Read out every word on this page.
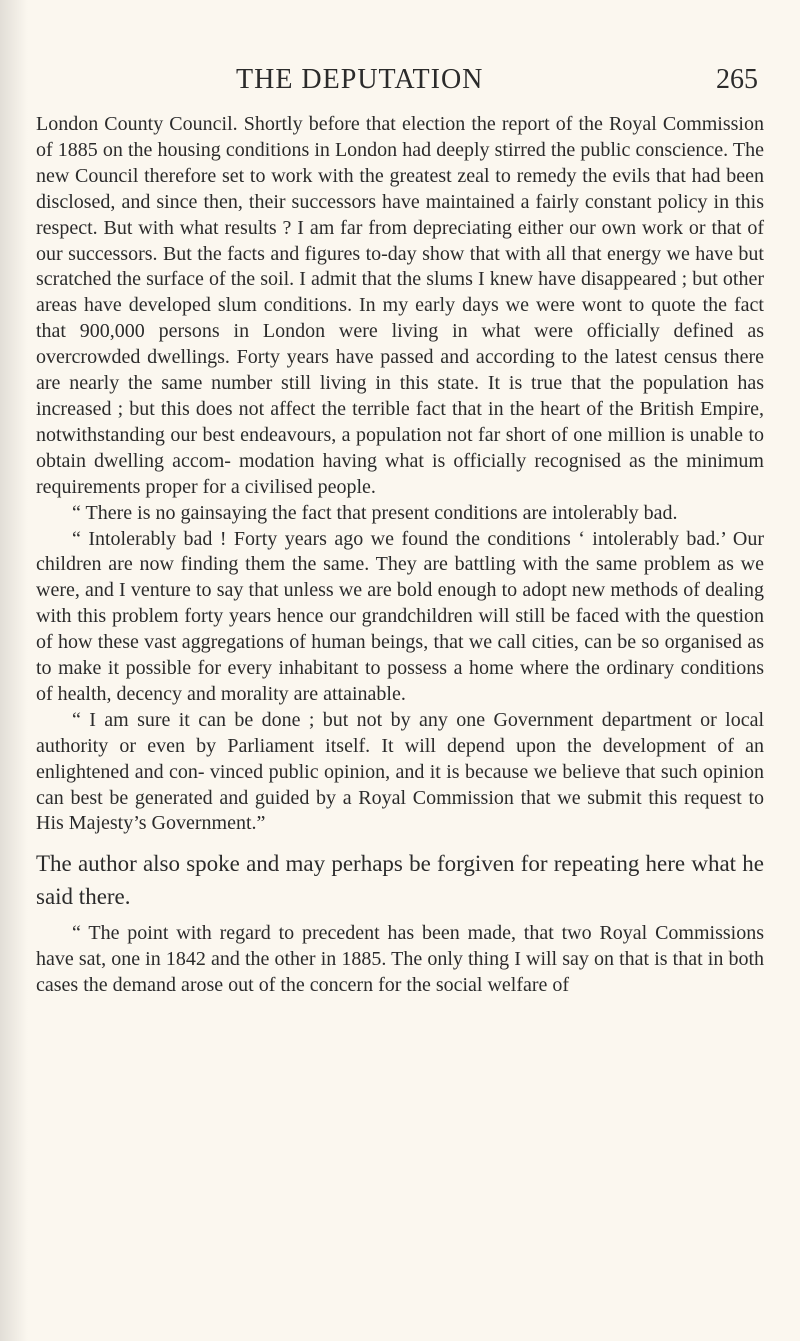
THE DEPUTATION	265

London County Council. Shortly before that election the report of the Royal Commission of 1885 on the housing conditions in London had deeply stirred the public conscience. The new Council therefore set to work with the greatest zeal to remedy the evils that had been disclosed, and since then, their successors have maintained a fairly constant policy in this respect. But with what results ? I am far from depreciating either our own work or that of our successors. But the facts and figures to-day show that with all that energy we have but scratched the surface of the soil. I admit that the slums I knew have disappeared ; but other areas have developed slum conditions. In my early days we were wont to quote the fact that 900,000 persons in London were living in what were officially defined as overcrowded dwellings. Forty years have passed and according to the latest census there are nearly the same number still living in this state. It is true that the population has increased ; but this does not affect the terrible fact that in the heart of the British Empire, notwithstanding our best endeavours, a population not far short of one million is unable to obtain dwelling accom- modation having what is officially recognised as the minimum requirements proper for a civilised people.

“ There is no gainsaying the fact that present conditions are intolerably bad.

“ Intolerably bad ! Forty years ago we found the conditions ‘ intolerably bad.’ Our children are now finding them the same. They are battling with the same problem as we were, and I venture to say that unless we are bold enough to adopt new methods of dealing with this problem forty years hence our grandchildren will still be faced with the question of how these vast aggregations of human beings, that we call cities, can be so organised as to make it possible for every inhabitant to possess a home where the ordinary conditions of health, decency and morality are attainable.

“ I am sure it can be done ; but not by any one Government department or local authority or even by Parliament itself. It will depend upon the development of an enlightened and con- vinced public opinion, and it is because we believe that such opinion can best be generated and guided by a Royal Commission that we submit this request to His Majesty’s Government.”

The author also spoke and may perhaps be forgiven for repeating here what he said there.

“ The point with regard to precedent has been made, that two Royal Commissions have sat, one in 1842 and the other in 1885. The only thing I will say on that is that in both cases the demand arose out of the concern for the social welfare of
